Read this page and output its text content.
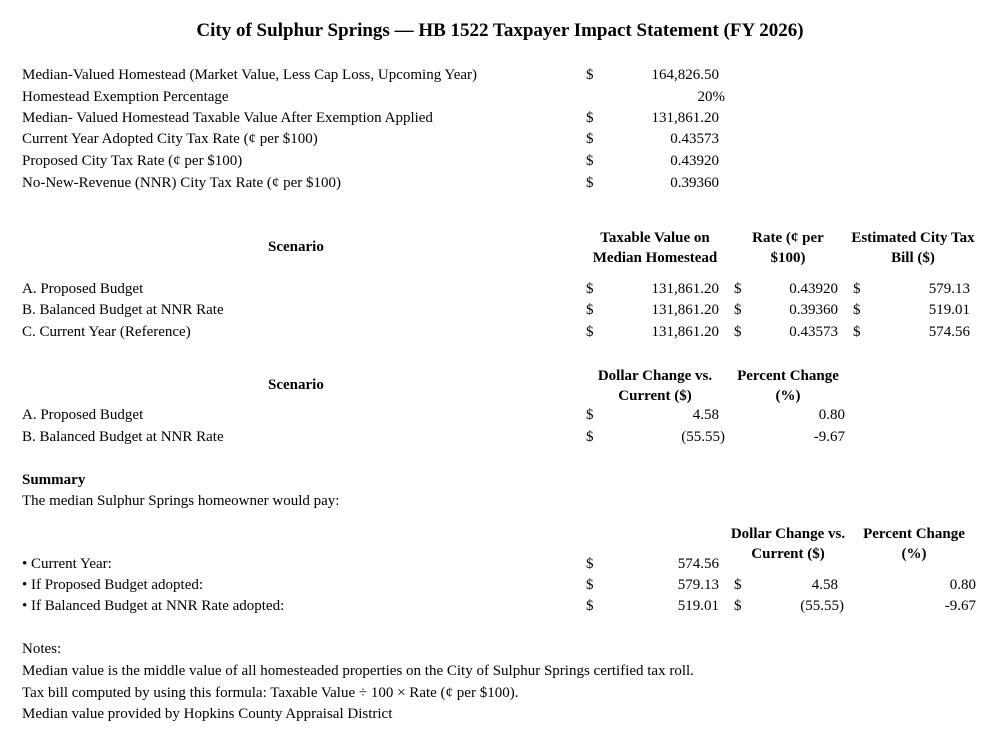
City of Sulphur Springs — HB 1522 Taxpayer Impact Statement (FY 2026)
Median-Valued Homestead (Market Value, Less Cap Loss, Upcoming Year)	$	164,826.50
Homestead Exemption Percentage	20%
Median- Valued Homestead Taxable Value After Exemption Applied	$	131,861.20
Current Year Adopted City Tax Rate (¢ per $100)	$	0.43573
Proposed City Tax Rate (¢ per $100)	$	0.43920
No-New-Revenue (NNR) City Tax Rate (¢ per $100)	$	0.39360
Scenario
Taxable Value on Median Homestead
Rate (¢ per $100)
Estimated City Tax Bill ($)
A. Proposed Budget	$	131,861.20 $	0.43920 $	579.13
B. Balanced Budget at NNR Rate	$	131,861.20 $	0.39360 $	519.01
C. Current Year (Reference)	$	131,861.20 $	0.43573 $	574.56
Scenario
Dollar Change vs. Current ($)
Percent Change (%)
A. Proposed Budget	$	4.58	0.80
B. Balanced Budget at NNR Rate	$	(55.55)	-9.67
Summary
The median Sulphur Springs homeowner would pay:
Dollar Change vs. Current ($)
Percent Change (%)
• Current Year:	$	574.56
• If Proposed Budget adopted:	$	579.13 $	4.58	0.80
• If Balanced Budget at NNR Rate adopted:	$	519.01 $	(55.55)	-9.67
Notes:
Median value is the middle value of all homesteaded properties on the City of Sulphur Springs certified tax roll.
Tax bill computed by using this formula: Taxable Value ÷ 100 × Rate (¢ per $100).
Median value provided by Hopkins County Appraisal District
